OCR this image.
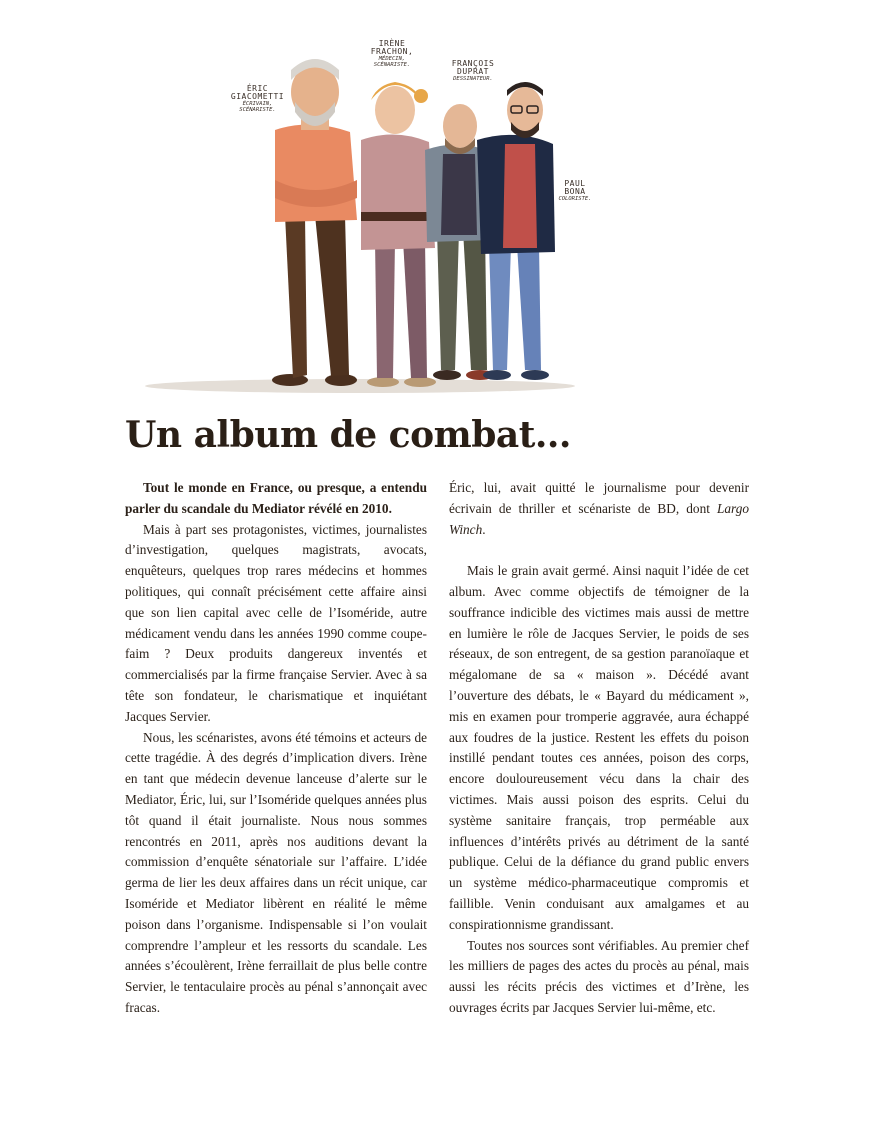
ÉRIC
GIACOMETTI
ÉCRIVAIN,
SCÉNARISTE.
IRÈNE
FRACHON,
MÉDECIN,
SCÉNARISTE.	FRANÇOIS
DUPRAT
DESSINATEUR.
PAUL
BONA
COLORISTE.
Un album de combat...

Tout le monde en France, ou presque, a entendu parler du scandale du Mediator révélé en 2010.

Mais à part ses protagonistes, victimes, journalistes d’investigation, quelques magistrats, avocats, enquêteurs, quelques trop rares médecins et hommes politiques, qui connaît précisément cette affaire ainsi que son lien capital avec celle de l’Isoméride, autre médicament vendu dans les années 1990 comme coupe-faim ? Deux produits dangereux inventés et commercialisés par la firme française Servier. Avec à sa tête son fondateur, le charismatique et inquiétant Jacques Servier.

Nous, les scénaristes, avons été témoins et acteurs de cette tragédie. À des degrés d’implication divers. Irène en tant que médecin devenue lanceuse d’alerte sur le Mediator, Éric, lui, sur l’Isoméride quelques années plus tôt quand il était journaliste. Nous nous sommes rencontrés en 2011, après nos auditions devant la commission d’enquête sénatoriale sur l’affaire. L’idée germa de lier les deux affaires dans un récit unique, car Isoméride et Mediator libèrent en réalité le même poison dans l’organisme. Indispensable si l’on voulait comprendre l’ampleur et les ressorts du scandale. Les années s’écoulèrent, Irène ferraillait de plus belle contre Servier, le tentaculaire procès au pénal s’annonçait avec fracas.

Éric, lui, avait quitté le journalisme pour devenir écrivain de thriller et scénariste de BD, dont Largo Winch.

Mais le grain avait germé. Ainsi naquit l’idée de cet album. Avec comme objectifs de témoigner de la souffrance indicible des victimes mais aussi de mettre en lumière le rôle de Jacques Servier, le poids de ses réseaux, de son entregent, de sa gestion paranoïaque et mégalomane de sa « maison ». Décédé avant l’ouverture des débats, le « Bayard du médicament », mis en examen pour tromperie aggravée, aura échappé aux foudres de la justice. Restent les effets du poison instillé pendant toutes ces années, poison des corps, encore douloureusement vécu dans la chair des victimes. Mais aussi poison des esprits. Celui du système sanitaire français, trop perméable aux influences d’intérêts privés au détriment de la santé publique. Celui de la défiance du grand public envers un système médico-pharmaceutique compromis et faillible. Venin conduisant aux amalgames et au conspirationnisme grandissant.

Toutes nos sources sont vérifiables. Au premier chef les milliers de pages des actes du procès au pénal, mais aussi les récits précis des victimes et d’Irène, les ouvrages écrits par Jacques Servier lui-même, etc.
